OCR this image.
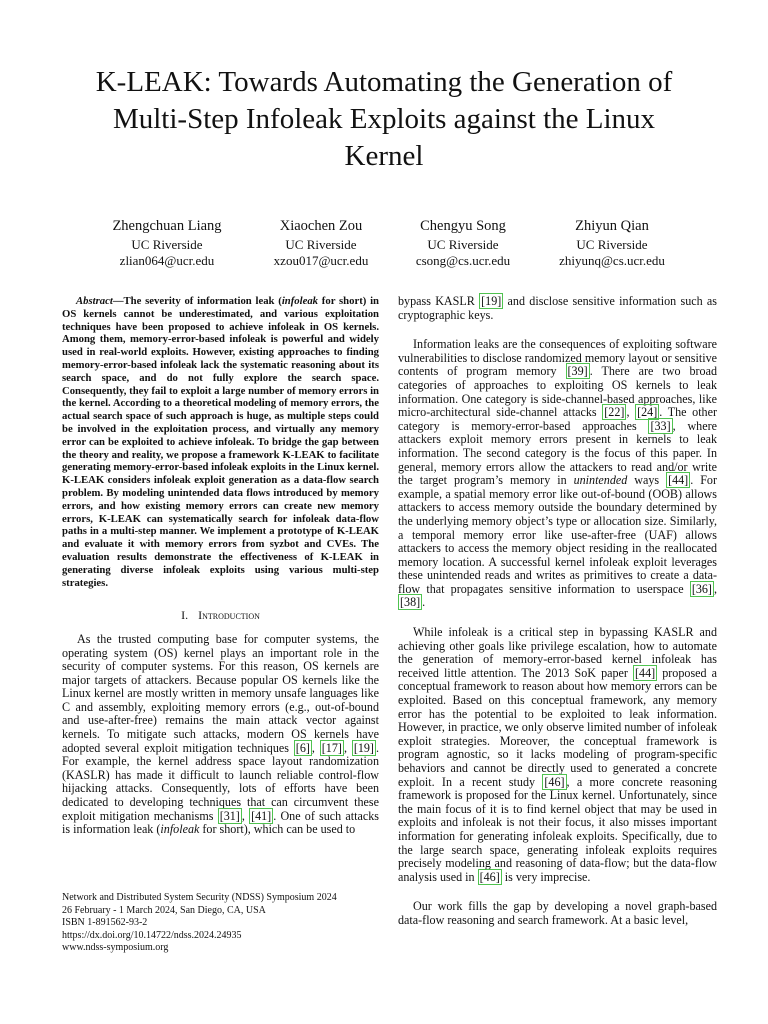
K-LEAK: Towards Automating the Generation of
Multi-Step Infoleak Exploits against the Linux
Kernel
Zhengchuan Liang
UC Riverside
zlian064@ucr.edu
Xiaochen Zou
UC Riverside
xzou017@ucr.edu
Chengyu Song
UC Riverside
csong@cs.ucr.edu
Zhiyun Qian
UC Riverside
zhiyunq@cs.ucr.edu

Abstract—The severity of information leak (infoleak for short) in OS kernels cannot be underestimated, and various exploitation techniques have been proposed to achieve infoleak in OS kernels. Among them, memory-error-based infoleak is powerful and widely used in real-world exploits. However, existing approaches to finding memory-error-based infoleak lack the systematic reasoning about its search space, and do not fully explore the search space. Consequently, they fail to exploit a large number of memory errors in the kernel. According to a theoretical modeling of memory errors, the actual search space of such approach is huge, as multiple steps could be involved in the exploitation process, and virtually any memory error can be exploited to achieve infoleak. To bridge the gap between the theory and reality, we propose a framework K-LEAK to facilitate generating memory-error-based infoleak exploits in the Linux kernel. K-LEAK considers infoleak exploit generation as a data-flow search problem. By modeling unintended data flows introduced by memory errors, and how existing memory errors can create new memory errors, K-LEAK can systematically search for infoleak data-flow paths in a multi-step manner. We implement a prototype of K-LEAK and evaluate it with memory errors from syzbot and CVEs. The evaluation results demonstrate the effectiveness of K-LEAK in generating diverse infoleak exploits using various multi-step strategies.

I. Introduction

As the trusted computing base for computer systems, the operating system (OS) kernel plays an important role in the security of computer systems. For this reason, OS kernels are major targets of attackers. Because popular OS kernels like the Linux kernel are mostly written in memory unsafe languages like C and assembly, exploiting memory errors (e.g., out-of-bound and use-after-free) remains the main attack vector against kernels. To mitigate such attacks, modern OS kernels have adopted several exploit mitigation techniques [6] , [17] , [19] . For example, the kernel address space layout randomization (KASLR) has made it difficult to launch reliable control-flow hijacking attacks. Consequently, lots of efforts have been dedicated to developing techniques that can circumvent these exploit mitigation mechanisms [31] , [41] . One of such attacks is information leak (infoleak for short), which can be used to

Network and Distributed System Security (NDSS) Symposium 2024
26 February - 1 March 2024, San Diego, CA, USA
ISBN 1-891562-93-2
https://dx.doi.org/10.14722/ndss.2024.24935
www.ndss-symposium.org

bypass KASLR [19] and disclose sensitive information such as cryptographic keys.

Information leaks are the consequences of exploiting software vulnerabilities to disclose randomized memory layout or sensitive contents of program memory [39] . There are two broad categories of approaches to exploiting OS kernels to leak information. One category is side-channel-based approaches, like micro-architectural side-channel attacks [22] , [24] . The other category is memory-error-based approaches [33] , where attackers exploit memory errors present in kernels to leak information. The second category is the focus of this paper. In general, memory errors allow the attackers to read and/or write the target program’s memory in unintended ways [44] . For example, a spatial memory error like out-of-bound (OOB) allows attackers to access memory outside the boundary determined by the underlying memory object’s type or allocation size. Similarly, a temporal memory error like use-after-free (UAF) allows attackers to access the memory object residing in the reallocated memory location. A successful kernel infoleak exploit leverages these unintended reads and writes as primitives to create a data-flow that propagates sensitive information to userspace [36] , [38] .

While infoleak is a critical step in bypassing KASLR and achieving other goals like privilege escalation, how to automate the generation of memory-error-based kernel infoleak has received little attention. The 2013 SoK paper [44] proposed a conceptual framework to reason about how memory errors can be exploited. Based on this conceptual framework, any memory error has the potential to be exploited to leak information. However, in practice, we only observe limited number of infoleak exploit strategies. Moreover, the conceptual framework is program agnostic, so it lacks modeling of program-specific behaviors and cannot be directly used to generated a concrete exploit. In a recent study [46] , a more concrete reasoning framework is proposed for the Linux kernel. Unfortunately, since the main focus of it is to find kernel object that may be used in exploits and infoleak is not their focus, it also misses important information for generating infoleak exploits. Specifically, due to the large search space, generating infoleak exploits requires precisely modeling and reasoning of data-flow; but the data-flow analysis used in [46] is very imprecise.

Our work fills the gap by developing a novel graph-based data-flow reasoning and search framework. At a basic level,
